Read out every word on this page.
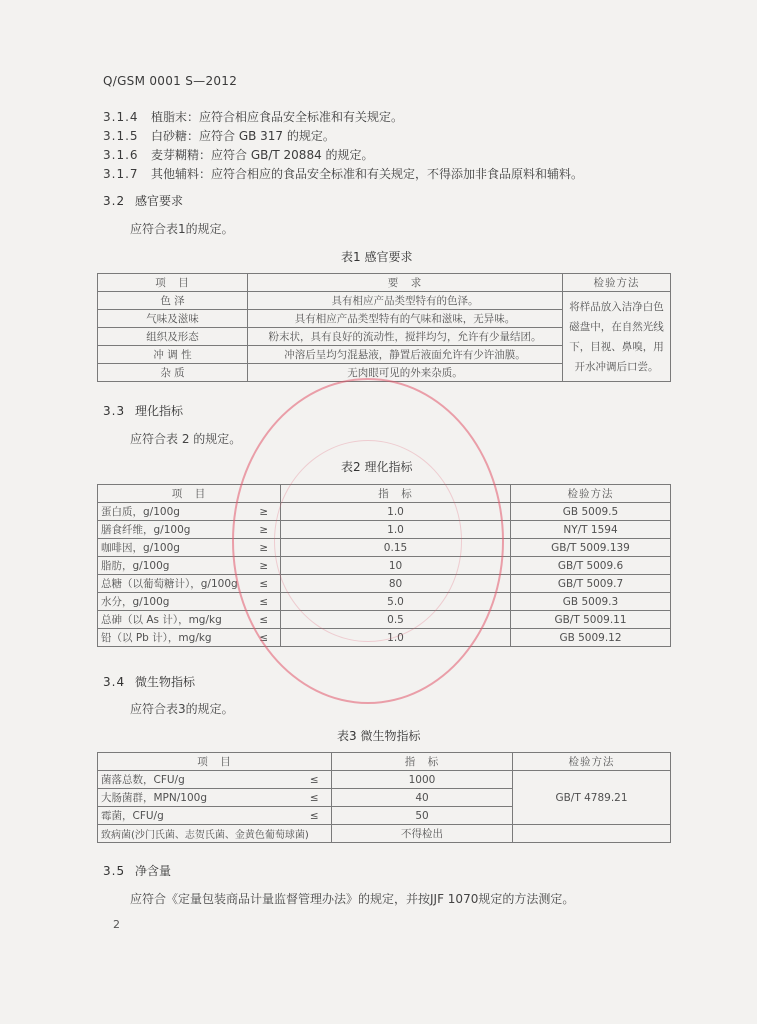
Q/GSM 0001 S—2012
3.1.4 植脂末：应符合相应食品安全标准和有关规定。
3.1.5 白砂糖：应符合 GB 317 的规定。
3.1.6 麦芽糊精：应符合 GB/T 20884 的规定。
3.1.7 其他辅料：应符合相应的食品安全标准和有关规定，不得添加非食品原料和辅料。
3.2 感官要求
应符合表1的规定。
表1 感官要求
项　目	要　求	检验方法
色 泽	具有相应产品类型特有的色泽。	将样品放入洁净白色磁盘中，在自然光线下，目视、鼻嗅，用开水冲调后口尝。
气味及滋味	具有相应产品类型特有的气味和滋味，无异味。	
组织及形态	粉末状，具有良好的流动性，搅拌均匀，允许有少量结团。	
冲 调 性	冲溶后呈均匀混悬液，静置后液面允许有少许油膜。	
杂 质	无肉眼可见的外来杂质。	
3.3 理化指标
应符合表 2 的规定。
表2 理化指标
项　目		指　标	检验方法
蛋白质，g/100g	≥	1.0	GB 5009.5
膳食纤维，g/100g	≥	1.0	NY/T 1594
咖啡因，g/100g	≥	0.15	GB/T 5009.139
脂肪，g/100g	≥	10	GB/T 5009.6
总糖（以葡萄糖计），g/100g	≤	80	GB/T 5009.7
水分，g/100g	≤	5.0	GB 5009.3
总砷（以 As 计），mg/kg	≤	0.5	GB/T 5009.11
铅（以 Pb 计），mg/kg	≤	1.0	GB 5009.12
3.4 微生物指标
应符合表3的规定。
表3 微生物指标
项　目		指　标	检验方法
菌落总数，CFU/g	≤	1000	GB/T 4789.21
大肠菌群，MPN/100g	≤	40	
霉菌，CFU/g	≤	50	
致病菌(沙门氏菌、志贺氏菌、金黄色葡萄球菌)		不得检出	
3.5 净含量
应符合《定量包装商品计量监督管理办法》的规定，并按JJF 1070规定的方法测定。
2
